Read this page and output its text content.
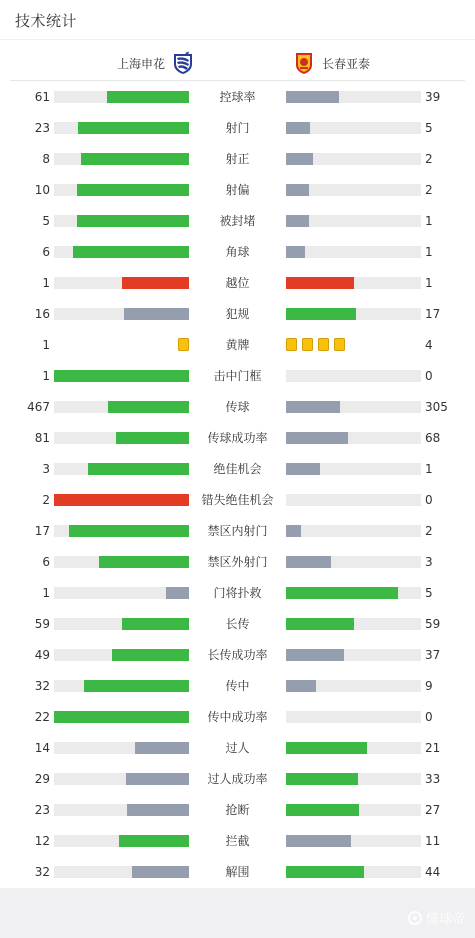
技术统计
上海申花	长春亚泰
61	控球率	39
23	射门	5
8	射正	2
10	射偏	2
5	被封堵	1
6	角球	1
1	越位	1
16	犯规	17
1	黄牌	4
1	击中门框	0
467	传球	305
81	传球成功率	68
3	绝佳机会	1
2	错失绝佳机会	0
17	禁区内射门	2
6	禁区外射门	3
1	门将扑救	5
59	长传	59
49	长传成功率	37
32	传中	9
22	传中成功率	0
14	过人	21
29	过人成功率	33
23	抢断	27
12	拦截	11
32	解围	44
懂球帝
